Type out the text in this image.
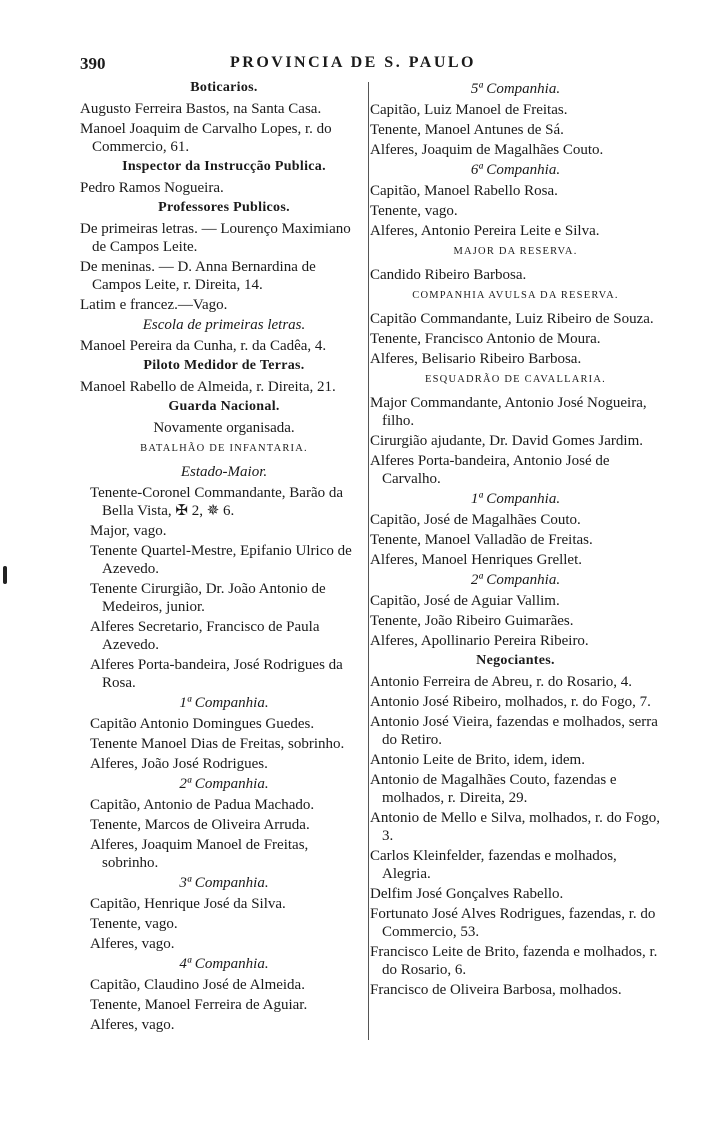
390	PROVINCIA DE S. PAULO
Boticarios.
Augusto Ferreira Bastos, na Santa Casa.
Manoel Joaquim de Carvalho Lopes, r. do Commercio, 61.
Inspector da Instrucção Publica.
Pedro Ramos Nogueira.
Professores Publicos.
De primeiras letras. — Lourenço Maximiano de Campos Leite.
De meninas. — D. Anna Bernardina de Campos Leite, r. Direita, 14.
Latim e francez.—Vago.
Escola de primeiras letras.
Manoel Pereira da Cunha, r. da Cadêa, 4.
Piloto Medidor de Terras.
Manoel Rabello de Almeida, r. Direita, 21.
Guarda Nacional.
Novamente organisada.
BATALHÃO DE INFANTARIA.
Estado-Maior.
Tenente-Coronel Commandante, Barão da Bella Vista, ✠ 2, ✵ 6.
Major, vago.
Tenente Quartel-Mestre, Epifanio Ulrico de Azevedo.
Tenente Cirurgião, Dr. João Antonio de Medeiros, junior.
Alferes Secretario, Francisco de Paula Azevedo.
Alferes Porta-bandeira, José Rodrigues da Rosa.
1ª Companhia.
Capitão Antonio Domingues Guedes.
Tenente Manoel Dias de Freitas, sobrinho.
Alferes, João José Rodrigues.
2ª Companhia.
Capitão, Antonio de Padua Machado.
Tenente, Marcos de Oliveira Arruda.
Alferes, Joaquim Manoel de Freitas, sobrinho.
3ª Companhia.
Capitão, Henrique José da Silva.
Tenente, vago.
Alferes, vago.
4ª Companhia.
Capitão, Claudino José de Almeida.
Tenente, Manoel Ferreira de Aguiar.
Alferes, vago.
5ª Companhia.
Capitão, Luiz Manoel de Freitas.
Tenente, Manoel Antunes de Sá.
Alferes, Joaquim de Magalhães Couto.
6ª Companhia.
Capitão, Manoel Rabello Rosa.
Tenente, vago.
Alferes, Antonio Pereira Leite e Silva.
MAJOR DA RESERVA.
Candido Ribeiro Barbosa.
COMPANHIA AVULSA DA RESERVA.
Capitão Commandante, Luiz Ribeiro de Souza.
Tenente, Francisco Antonio de Moura.
Alferes, Belisario Ribeiro Barbosa.
ESQUADRÃO DE CAVALLARIA.
Major Commandante, Antonio José Nogueira, filho.
Cirurgião ajudante, Dr. David Gomes Jardim.
Alferes Porta-bandeira, Antonio José de Carvalho.
1ª Companhia.
Capitão, José de Magalhães Couto.
Tenente, Manoel Valladão de Freitas.
Alferes, Manoel Henriques Grellet.
2ª Companhia.
Capitão, José de Aguiar Vallim.
Tenente, João Ribeiro Guimarães.
Alferes, Apollinario Pereira Ribeiro.
Negociantes.
Antonio Ferreira de Abreu, r. do Rosario, 4.
Antonio José Ribeiro, molhados, r. do Fogo, 7.
Antonio José Vieira, fazendas e molhados, serra do Retiro.
Antonio Leite de Brito, idem, idem.
Antonio de Magalhães Couto, fazendas e molhados, r. Direita, 29.
Antonio de Mello e Silva, molhados, r. do Fogo, 3.
Carlos Kleinfelder, fazendas e molhados, Alegria.
Delfim José Gonçalves Rabello.
Fortunato José Alves Rodrigues, fazendas, r. do Commercio, 53.
Francisco Leite de Brito, fazenda e molhados, r. do Rosario, 6.
Francisco de Oliveira Barbosa, molhados.
